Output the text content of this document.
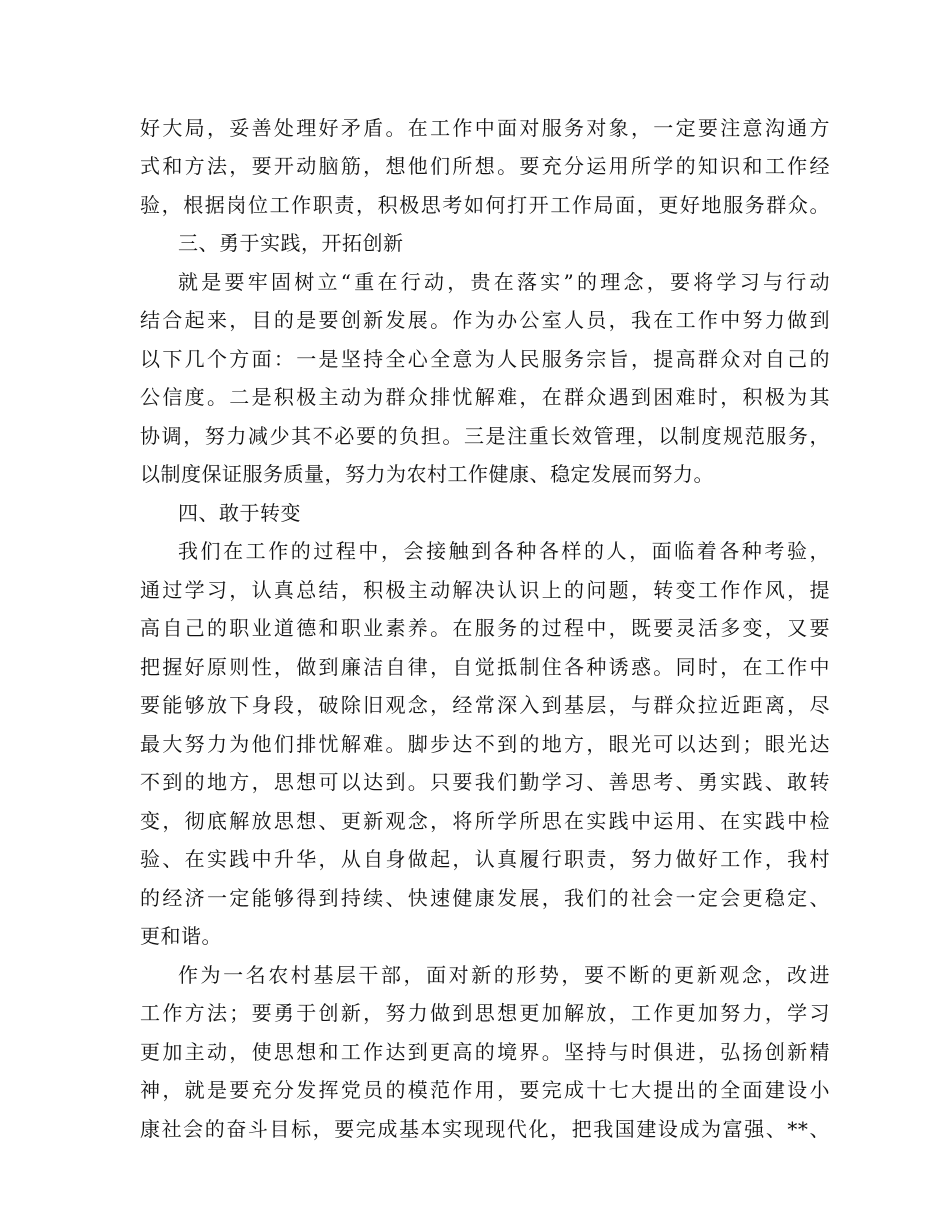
好大局，妥善处理好矛盾。在工作中面对服务对象，一定要注意沟通方
式和方法，要开动脑筋，想他们所想。要充分运用所学的知识和工作经
验，根据岗位工作职责，积极思考如何打开工作局面，更好地服务群众。
三、勇于实践，开拓创新
就是要牢固树立“重在行动，贵在落实”的理念，要将学习与行动
结合起来，目的是要创新发展。作为办公室人员，我在工作中努力做到
以下几个方面：一是坚持全心全意为人民服务宗旨，提高群众对自己的
公信度。二是积极主动为群众排忧解难，在群众遇到困难时，积极为其
协调，努力减少其不必要的负担。三是注重长效管理，以制度规范服务，
以制度保证服务质量，努力为农村工作健康、稳定发展而努力。
四、敢于转变
我们在工作的过程中，会接触到各种各样的人，面临着各种考验，
通过学习，认真总结，积极主动解决认识上的问题，转变工作作风，提
高自己的职业道德和职业素养。在服务的过程中，既要灵活多变，又要
把握好原则性，做到廉洁自律，自觉抵制住各种诱惑。同时，在工作中
要能够放下身段，破除旧观念，经常深入到基层，与群众拉近距离，尽
最大努力为他们排忧解难。脚步达不到的地方，眼光可以达到；眼光达
不到的地方，思想可以达到。只要我们勤学习、善思考、勇实践、敢转
变，彻底解放思想、更新观念，将所学所思在实践中运用、在实践中检
验、在实践中升华，从自身做起，认真履行职责，努力做好工作，我村
的经济一定能够得到持续、快速健康发展，我们的社会一定会更稳定、
更和谐。
作为一名农村基层干部，面对新的形势，要不断的更新观念，改进
工作方法；要勇于创新，努力做到思想更加解放，工作更加努力，学习
更加主动，使思想和工作达到更高的境界。坚持与时俱进，弘扬创新精
神，就是要充分发挥党员的模范作用，要完成十七大提出的全面建设小
康社会的奋斗目标，要完成基本实现现代化，把我国建设成为富强、**、
